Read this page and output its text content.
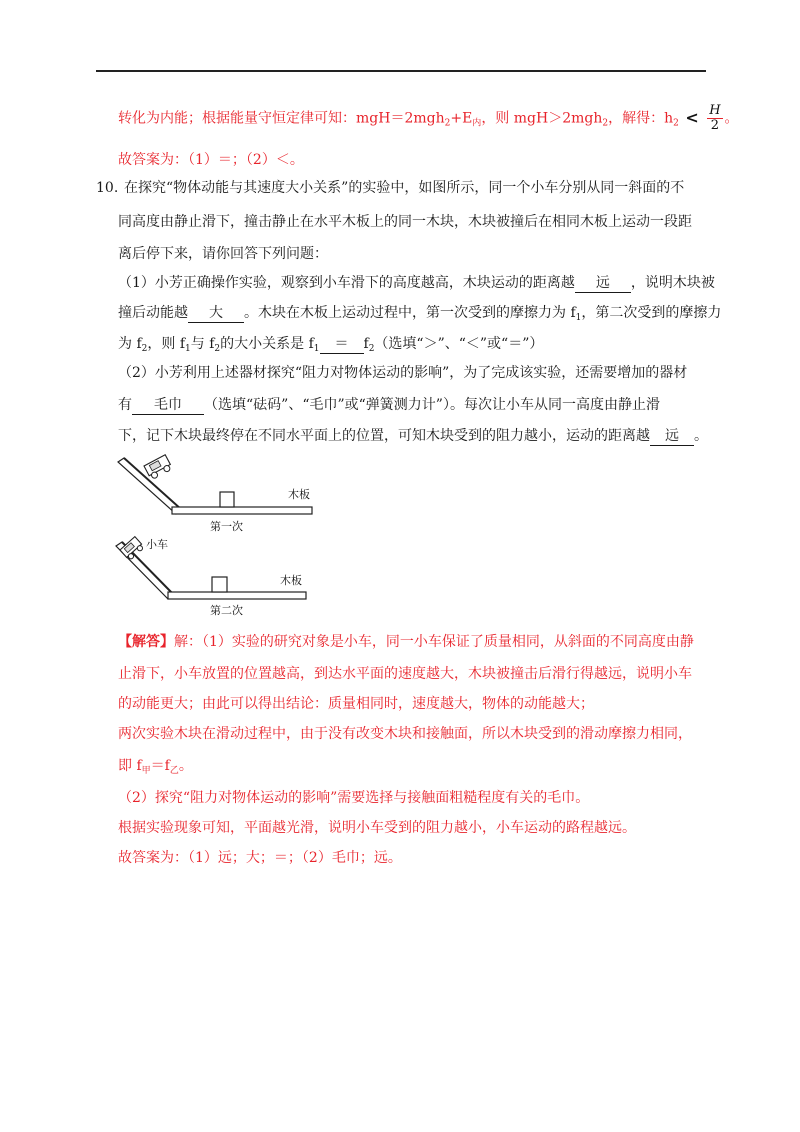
转化为内能；根据能量守恒定律可知：$mgH=2mgh_2+E_内$，则 mgH＞2mgh$_2$，解得：$h_2 < \frac{H}{2}$ 。
故答案为：（1）＝；（2）＜。
10. 在探究“物体动能与其速度大小关系”的实验中，如图所示，同一个小车分别从同一斜面的不
同高度由静止滑下，撞击静止在水平木板上的同一木块，木块被撞后在相同木板上运动一段距
离后停下来，请你回答下列问题：
（1）小芳正确操作实验，观察到小车滑下的高度越高，木块运动的距离越 远 ，说明木块被
撞后动能越 大 。木块在木板上运动过程中，第一次受到的摩擦力为 $f_1$，第二次受到的摩擦力
为 $f_2$，则 $f_1$与 $f_2$的大小关系是 $f_1 = f_2$（选填“＞”、“＜”或“＝”）
（2）小芳利用上述器材探究“阻力对物体运动的影响”，为了完成该实验，还需要增加的器材
有 毛巾 （选填“砝码”、“毛巾”或“弹簧测力计”）。每次让小车从同一高度由静止滑
下，记下木块最终停在不同水平面上的位置，可知木块受到的阻力越小，运动的距离越 远 。
木板
第一次
小车
木板
第二次
【解答】解：（1）实验的研究对象是小车，同一小车保证了质量相同，从斜面的不同高度由静
止滑下，小车放置的位置越高，到达水平面的速度越大，木块被撞击后滑行得越远，说明小车
的动能更大；由此可以得出结论：质量相同时，速度越大，物体的动能越大；
两次实验木块在滑动过程中，由于没有改变木块和接触面，所以木块受到的滑动摩擦力相同，
即 $f_甲=f_乙$。
（2）探究“阻力对物体运动的影响”需要选择与接触面粗糙程度有关的毛巾。
根据实验现象可知，平面越光滑，说明小车受到的阻力越小，小车运动的路程越远。
故答案为：（1）远；大；＝；（2）毛巾；远。
